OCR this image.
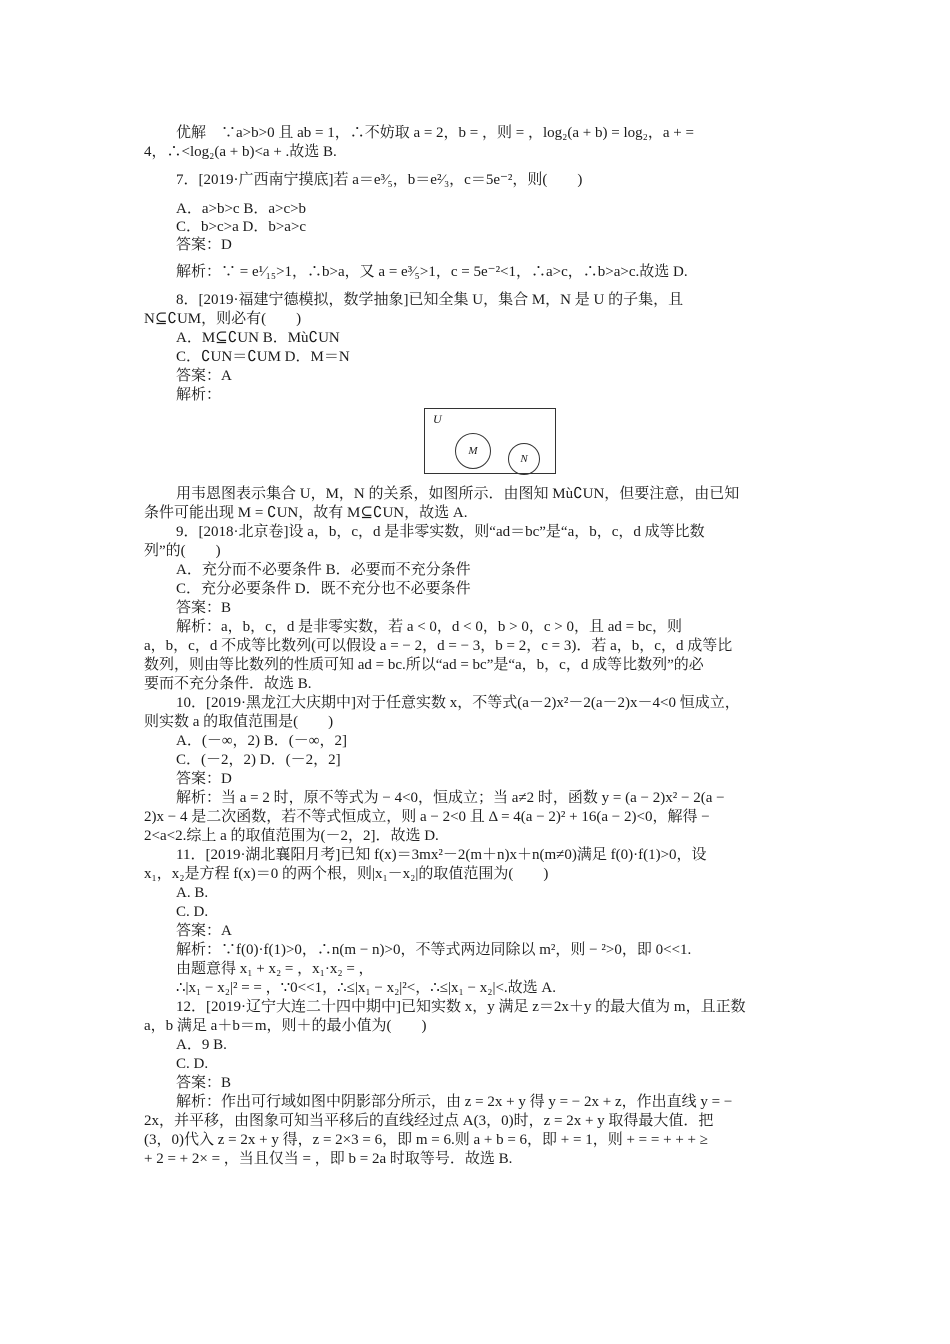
优解　∵a>b>0 且 ab = 1，∴不妨取 a = 2，b = ，则 = ，log₂(a + b) = log₂，a + =
4，∴<log₂(a + b)<a + .故选 B.
7．[2019·广西南宁摸底]若 a＝e³⁄₅，b＝e²⁄₃，c＝5e⁻²，则(　　)
A．a>b>c B．a>c>b
C．b>c>a D．b>a>c
答案：D
解析：∵ = e¹⁄₁₅>1，∴b>a，又 a = e³⁄₅>1，c = 5e⁻²<1，∴a>c，∴b>a>c.故选 D.
8．[2019·福建宁德模拟，数学抽象]已知全集 U，集合 M，N 是 U 的子集，且
N⊆∁UM，则必有(　　)
A．M⊆∁UN B．Mù∁UN
C．∁UN＝∁UM D．M＝N
答案：A
解析：
U
M
N
用韦恩图表示集合 U，M，N 的关系，如图所示．由图知 Mù∁UN，但要注意，由已知
条件可能出现 M = ∁UN，故有 M⊆∁UN，故选 A.
9．[2018·北京卷]设 a，b，c，d 是非零实数，则“ad＝bc”是“a，b，c，d 成等比数
列”的(　　)
A．充分而不必要条件 B．必要而不充分条件
C．充分必要条件 D．既不充分也不必要条件
答案：B
解析：a，b，c，d 是非零实数，若 a < 0，d < 0，b > 0，c > 0，且 ad = bc，则
a，b，c，d 不成等比数列(可以假设 a = − 2，d = − 3，b = 2，c = 3)．若 a，b，c，d 成等比
数列，则由等比数列的性质可知 ad = bc.所以“ad = bc”是“a，b，c，d 成等比数列”的必
要而不充分条件．故选 B.
10．[2019·黑龙江大庆期中]对于任意实数 x，不等式(a－2)x²－2(a－2)x－4<0 恒成立，
则实数 a 的取值范围是(　　)
A．(－∞，2) B．(－∞，2]
C．(－2，2) D．(－2，2]
答案：D
解析：当 a = 2 时，原不等式为 − 4<0，恒成立；当 a≠2 时，函数 y = (a − 2)x² − 2(a −
2)x − 4 是二次函数，若不等式恒成立，则 a − 2<0 且 Δ = 4(a − 2)² + 16(a − 2)<0，解得 −
2<a<2.综上 a 的取值范围为(－2，2]．故选 D.
11．[2019·湖北襄阳月考]已知 f(x)＝3mx²－2(m＋n)x＋n(m≠0)满足 f(0)·f(1)>0，设
x₁，x₂是方程 f(x)＝0 的两个根，则|x₁－x₂|的取值范围为(　　)
A. B.
C. D.
答案：A
解析：∵f(0)·f(1)>0，∴n(m − n)>0，不等式两边同除以 m²，则 − ²>0，即 0<<1.
由题意得 x₁ + x₂ = ，x₁·x₂ = ，
∴|x₁ − x₂|² = = ，∵0<<1，∴≤|x₁ − x₂|²<，∴≤|x₁ − x₂|<.故选 A.
12．[2019·辽宁大连二十四中期中]已知实数 x，y 满足 z＝2x＋y 的最大值为 m，且正数
a，b 满足 a＋b＝m，则＋的最小值为(　　)
A．9 B.
C. D.
答案：B
解析：作出可行域如图中阴影部分所示，由 z = 2x + y 得 y = − 2x + z，作出直线 y = −
2x，并平移，由图象可知当平移后的直线经过点 A(3，0)时，z = 2x + y 取得最大值．把
(3，0)代入 z = 2x + y 得，z = 2×3 = 6，即 m = 6.则 a + b = 6，即 + = 1，则 + = = + + + ≥
+ 2 = + 2× = ，当且仅当 = ，即 b = 2a 时取等号．故选 B.
